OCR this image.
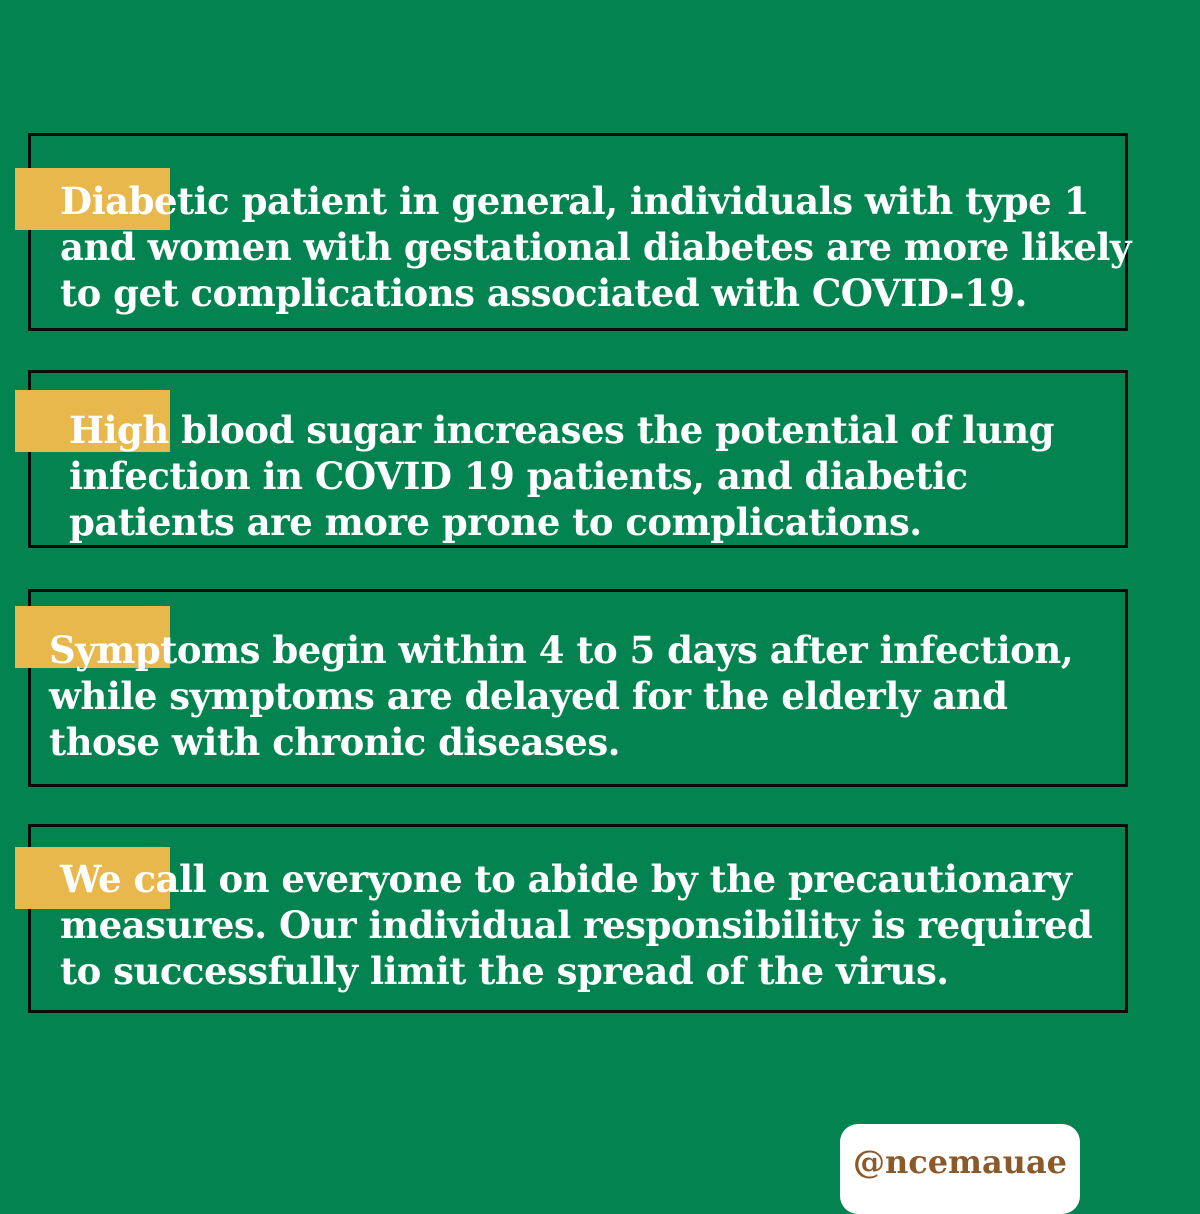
Diabetic patient in general, individuals with type 1
and women with gestational diabetes are more likely
to get complications associated with COVID-19.

High blood sugar increases the potential of lung
infection in COVID 19 patients, and diabetic
patients are more prone to complications.

Symptoms begin within 4 to 5 days after infection,
while symptoms are delayed for the elderly and
those with chronic diseases.

We call on everyone to abide by the precautionary
measures. Our individual responsibility is required
to successfully limit the spread of the virus.

@ncemauae
